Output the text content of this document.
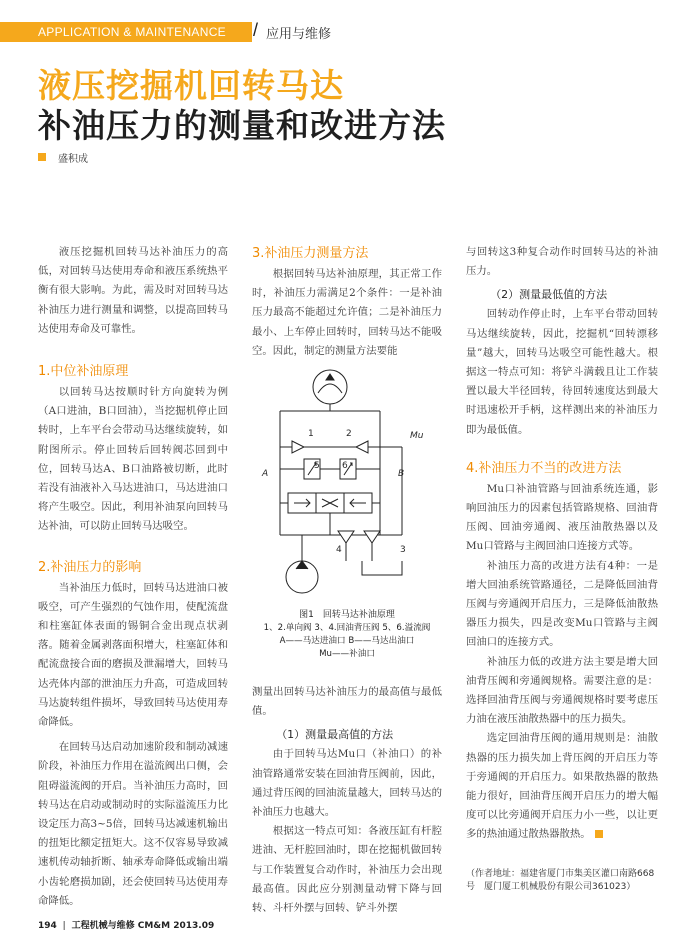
APPLICATION & MAINTENANCE / 应用与维修
液压挖掘机回转马达
补油压力的测量和改进方法
盛积成

液压挖掘机回转马达补油压力的高低，对回转马达使用寿命和液压系统热平衡有很大影响。为此，需及时对回转马达补油压力进行测量和调整，以提高回转马达使用寿命及可靠性。

1.中位补油原理

以回转马达按顺时针方向旋转为例（A口进油，B口回油），当挖掘机停止回转时，上车平台会带动马达继续旋转，如附图所示。停止回转后回转阀芯回到中位，回转马达A、B口油路被切断，此时若没有油液补入马达进油口，马达进油口将产生吸空。因此，利用补油泵向回转马达补油，可以防止回转马达吸空。

2.补油压力的影响

当补油压力低时，回转马达进油口被吸空，可产生强烈的气蚀作用，使配流盘和柱塞缸体表面的锡铜合金出现点状剥落。随着金属剥落面积增大，柱塞缸体和配流盘接合面的磨损及泄漏增大，回转马达壳体内部的泄油压力升高，可造成回转马达旋转组件损坏，导致回转马达使用寿命降低。

在回转马达启动加速阶段和制动减速阶段，补油压力作用在溢流阀出口侧，会阻碍溢流阀的开启。当补油压力高时，回转马达在启动或制动时的实际溢流压力比设定压力高3~5倍，回转马达减速机输出的扭矩比额定扭矩大。这不仅容易导致减速机传动轴折断、轴承寿命降低或输出端小齿轮磨损加剧，还会使回转马达使用寿命降低。

3.补油压力测量方法

根据回转马达补油原理，其正常工作时，补油压力需满足2个条件：一是补油压力最高不能超过允许值；二是补油压力最小、上车停止回转时，回转马达不能吸空。因此，制定的测量方法要能

1	2
5 6
A	B
Mu
4	3
图1　回转马达补油原理
1、2.单向阀 3、4.回油背压阀 5、6.溢流阀
A——马达进油口 B——马达出油口
Mu——补油口

测量出回转马达补油压力的最高值与最低值。

（1）测量最高值的方法

由于回转马达Mu口（补油口）的补油管路通常安装在回油背压阀前，因此，通过背压阀的回油流量越大，回转马达的补油压力也越大。

根据这一特点可知：各液压缸有杆腔进油、无杆腔回油时，即在挖掘机做回转与工作装置复合动作时，补油压力会出现最高值。因此应分别测量动臂下降与回转、斗杆外摆与回转、铲斗外摆

与回转这3种复合动作时回转马达的补油压力。

（2）测量最低值的方法

回转动作停止时，上车平台带动回转马达继续旋转，因此，挖掘机“回转漂移量”越大，回转马达吸空可能性越大。根据这一特点可知：将铲斗满载且让工作装置以最大半径回转，待回转速度达到最大时迅速松开手柄，这样测出来的补油压力即为最低值。

4.补油压力不当的改进方法

Mu口补油管路与回油系统连通，影响回油压力的因素包括管路规格、回油背压阀、回油旁通阀、液压油散热器以及Mu口管路与主阀回油口连接方式等。

补油压力高的改进方法有4种：一是增大回油系统管路通径，二是降低回油背压阀与旁通阀开启压力，三是降低油散热器压力损失，四是改变Mu口管路与主阀回油口的连接方式。

补油压力低的改进方法主要是增大回油背压阀和旁通阀规格。需要注意的是：选择回油背压阀与旁通阀规格时要考虑压力油在液压油散热器中的压力损失。

选定回油背压阀的通用规则是：油散热器的压力损失加上背压阀的开启压力等于旁通阀的开启压力。如果散热器的散热能力很好，回油背压阀开启压力的增大幅度可以比旁通阀开启压力小一些，以让更多的热油通过散热器散热。

（作者地址：福建省厦门市集美区灌口南路668号　厦门厦工机械股份有限公司361023）
194 | 工程机械与维修 CM&M 2013.09
